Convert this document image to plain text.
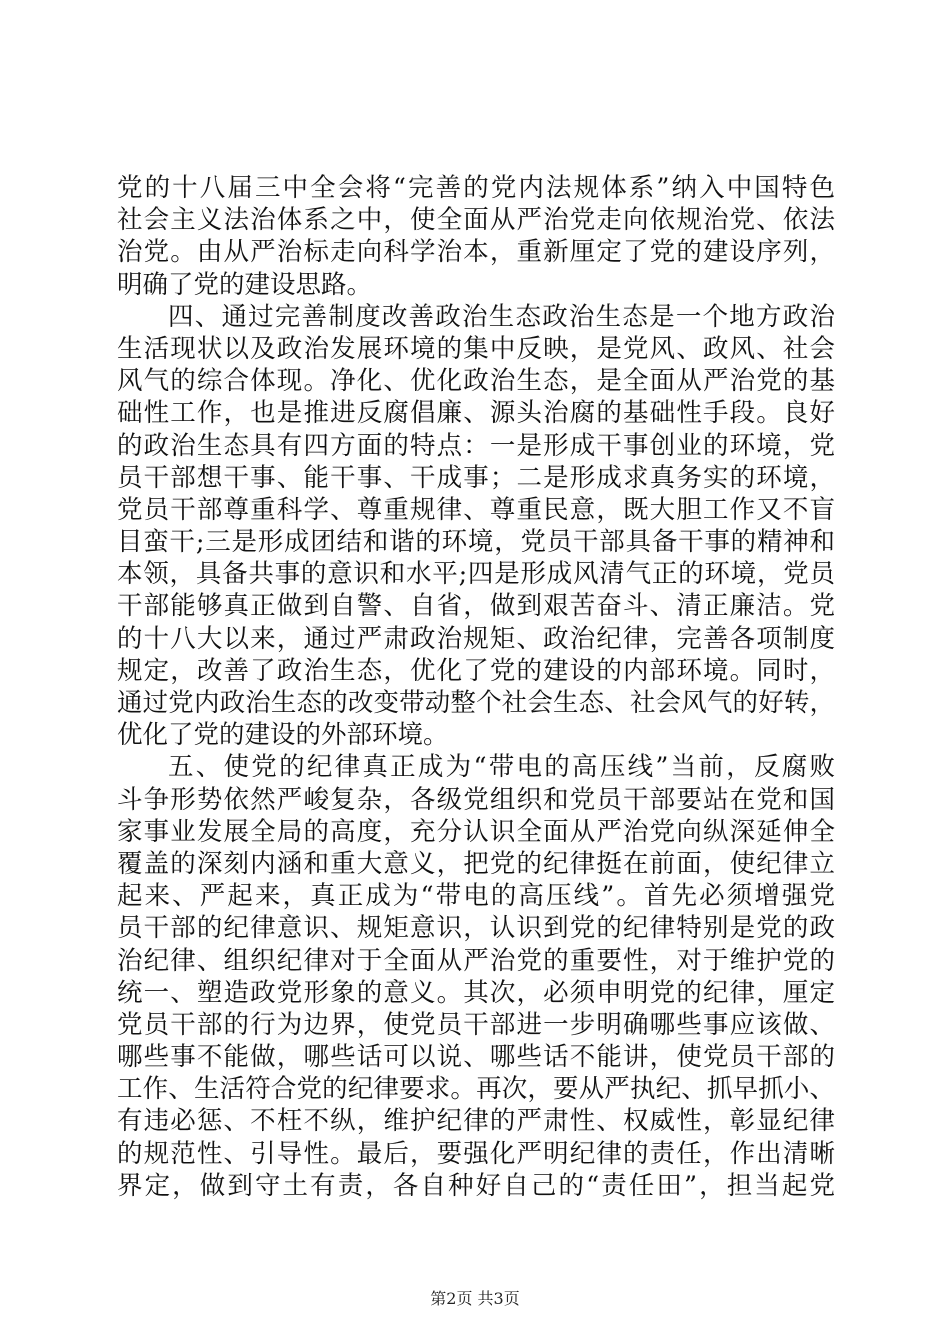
党的十八届三中全会将“完善的党内法规体系”纳入中国特色
社会主义法治体系之中，使全面从严治党走向依规治党、依法
治党。由从严治标走向科学治本，重新厘定了党的建设序列，
明确了党的建设思路。
四、通过完善制度改善政治生态政治生态是一个地方政治
生活现状以及政治发展环境的集中反映，是党风、政风、社会
风气的综合体现。净化、优化政治生态，是全面从严治党的基
础性工作，也是推进反腐倡廉、源头治腐的基础性手段。良好
的政治生态具有四方面的特点：一是形成干事创业的环境，党
员干部想干事、能干事、干成事；二是形成求真务实的环境，
党员干部尊重科学、尊重规律、尊重民意，既大胆工作又不盲
目蛮干;三是形成团结和谐的环境，党员干部具备干事的精神和
本领，具备共事的意识和水平;四是形成风清气正的环境，党员
干部能够真正做到自警、自省，做到艰苦奋斗、清正廉洁。党
的十八大以来，通过严肃政治规矩、政治纪律，完善各项制度
规定，改善了政治生态，优化了党的建设的内部环境。同时，
通过党内政治生态的改变带动整个社会生态、社会风气的好转，
优化了党的建设的外部环境。
五、使党的纪律真正成为“带电的高压线”当前，反腐败
斗争形势依然严峻复杂，各级党组织和党员干部要站在党和国
家事业发展全局的高度，充分认识全面从严治党向纵深延伸全
覆盖的深刻内涵和重大意义，把党的纪律挺在前面，使纪律立
起来、严起来，真正成为“带电的高压线”。首先必须增强党
员干部的纪律意识、规矩意识，认识到党的纪律特别是党的政
治纪律、组织纪律对于全面从严治党的重要性，对于维护党的
统一、塑造政党形象的意义。其次，必须申明党的纪律，厘定
党员干部的行为边界，使党员干部进一步明确哪些事应该做、
哪些事不能做，哪些话可以说、哪些话不能讲，使党员干部的
工作、生活符合党的纪律要求。再次，要从严执纪、抓早抓小、
有违必惩、不枉不纵，维护纪律的严肃性、权威性，彰显纪律
的规范性、引导性。最后，要强化严明纪律的责任，作出清晰
界定，做到守土有责，各自种好自己的“责任田”，担当起党
第2页 共3页
